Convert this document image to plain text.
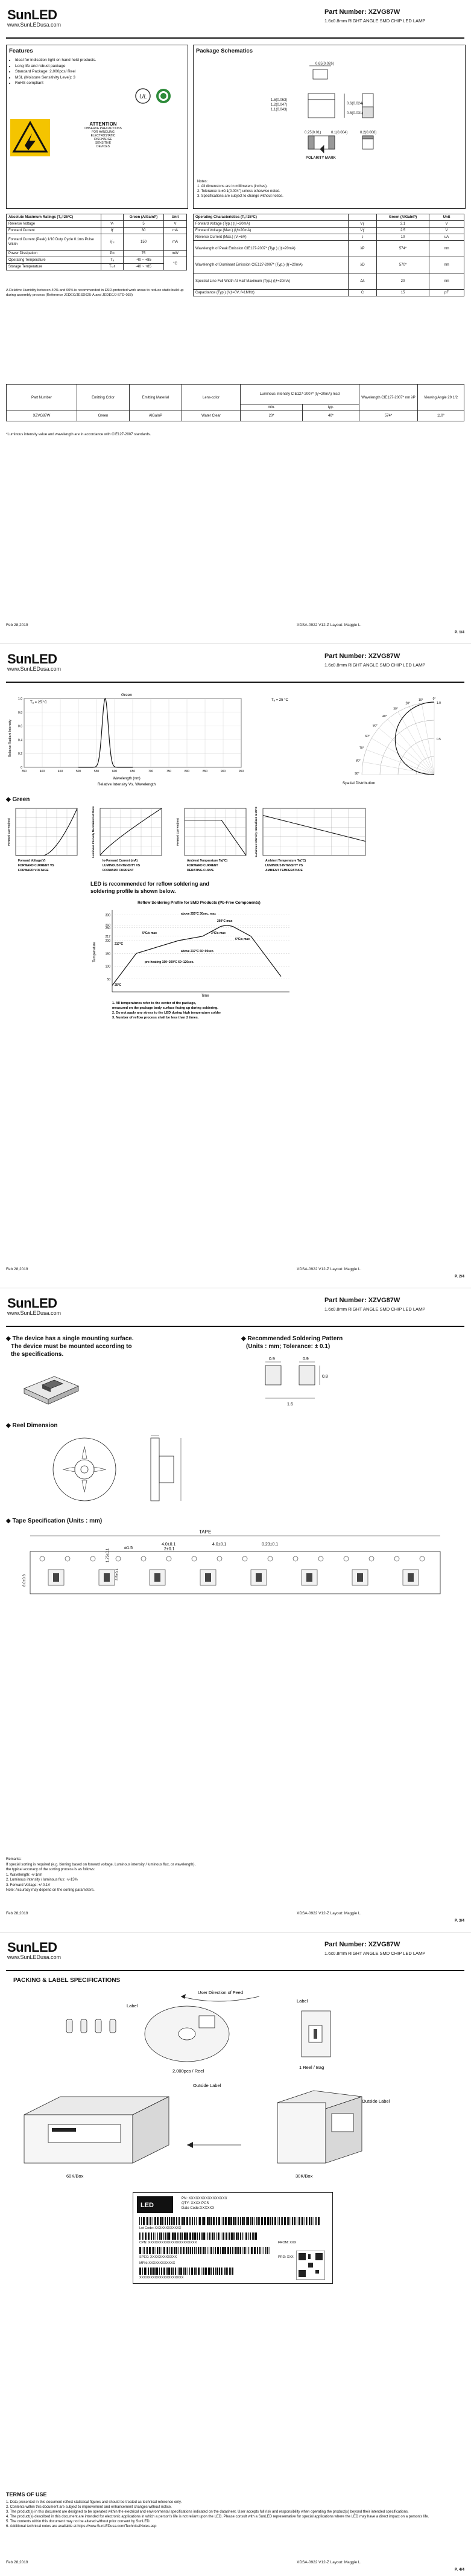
SunLED
www.SunLEDusa.com
Part Number: XZVG87W
1.6x0.8mm RIGHT ANGLE SMD CHIP LED LAMP
Features
• Ideal for indication light on hand held products.
• Long life and robust package
• Standard Package: 2,000pcs/ Reel
• MSL (Moisture Sensitivity Level): 3
• RoHS compliant
UL
ATTENTION
OBSERVE PRECAUTIONS
FOR HANDLING
ELECTROSTATIC
DISCHARGE
SENSITIVE
DEVICES
Package Schematics
0.65(0.026)
1.6(0.063)
1.2(0.047)
1.1(0.043)
0.6(0.024)
0.8(0.031)
0.25(0.01)	0.1(0.004)	0.2(0.008)
POLARITY MARK
Notes:
1. All dimensions are in millimeters (inches).
2. Tolerance is ±0.1(0.004") unless otherwise noted.
3. Specifications are subject to change without notice.
Absolute Maximum Ratings (Tₐ=25°C)		Green (AlGaInP)	Unit
Reverse Voltage	Vᵣ	5	V
Forward Current	Iƒ	30	mA
Forward Current (Peak) 1/10 Duty Cycle 0.1ms Pulse Width	iƒᵤ	150	mA
Power Dissipation	Pᴅ	75	mW
Operating Temperature	Tₐ	-40 ~ +85	°C
Storage Temperature	Tₛₜᵍ	-40 ~ +85	
A Relative Humidity between 40% and 60% is recommended in ESD-protected work areas to reduce static build up during assembly process (Reference JEDEC/JESD625-A and JEDEC/J-STD-033)
Operating Characteristics (Tₐ=25°C)		Green (AlGaInP)	Unit
Forward Voltage (Typ.) (Iƒ=20mA)	Vƒ	2.1	V
Forward Voltage (Max.) (Iƒ=20mA)	Vƒ	2.5	V
Reverse Current (Max.) (Vᵣ=5V)	Iᵣ	10	uA
Wavelength of Peak Emission CIE127-2007* (Typ.) (Iƒ=20mA)	λP	574*	nm
Wavelength of Dominant Emission CIE127-2007* (Typ.) (Iƒ=20mA)	λD	570*	nm
Spectral Line Full Width At Half Maximum (Typ.) (Iƒ=20mA)	Δλ	20	nm
Capacitance (Typ.) (Vƒ=0V, f=1MHz)	C	15	pF
Part Number	Emitting Color	Emitting Material	Lens-color	Luminous Intensity CIE127-2007* (Iƒ=20mA) mcd		Wavelength CIE127-2007* nm λP	Viewing Angle 2θ 1/2
				min.	typ.		
XZVG87W	Green	AlGaInP	Water Clear	20*	40*	574*	110°
*Luminous intensity value and wavelength are in accordance with CIE127-2007 standards.
Feb 28,2019	XDSA-0922 V12-Z Layout: Maggie L.
P. 1/4
SunLED
www.SunLEDusa.com
Part Number: XZVG87W
1.6x0.8mm RIGHT ANGLE SMD CHIP LED LAMP
Green
Tₐ = 25 °C
Relative Radiant Intensity
Wavelength (nm)
Relative Intensity Vs. Wavelength
350	400	450	500	550	600	650	700	750	800	850	900	950
0
0.2
0.4
0.6
0.8
1.0	Tₐ = 25 °C
Spatial Distribution
0°
10°
20°
30°
40°
50°
60°
70°
80°
90°
1.0
0.5
◆ Green
Forward Current(mA)
Forward Voltage(V)
FORWARD CURRENT VS
FORWARD VOLTAGE
Luminous Intensity Normalized at 20mA
Io-Forward Current (mA)
LUMINOUS INTENSITY VS
FORWARD CURRENT
Forward Current(mA)
Ambient Temperature Ta(°C)
FORWARD CURRENT
DERATING CURVE
Luminous Intensity Normalized at 25°C
Ambient Temperature Ta(°C)
LUMINOUS INTENSITY VS
AMBIENT TEMPERATURE
LED is recommended for reflow soldering and
soldering profile is shown below.
Reflow Soldering Profile for SMD Products (Pb-Free Components)
Temperature
Time
300
260
250
217
200
150
100
50
above 255°C 30sec. max
260°C max
5°C/s max	3°C/s max
6°C/s max
217°C
above 217°C 60~90sec.
pre-heating 150~200°C 60~120sec.
25°C
1. All temperatures refer to the center of the package,
measured on the package body surface facing up during soldering.
2. Do not apply any stress to the LED during high temperature solder
3. Number of reflow process shall be less than 2 times.
Feb 28,2019	XDSA-0922 V12-Z Layout: Maggie L.
P. 2/4
SunLED
www.SunLEDusa.com
Part Number: XZVG87W
1.6x0.8mm RIGHT ANGLE SMD CHIP LED LAMP
◆ The device has a single mounting surface.
The device must be mounted according to
the specifications.
◆ Recommended Soldering Pattern
(Units : mm; Tolerance: ± 0.1)
0.9	0.9
0.8
1.6
◆ Reel Dimension
◆ Tape Specification (Units : mm)
TAPE
4.0±0.1	4.0±0.1
2±0.1
ø1.5
0.23±0.1
1.75±0.1
3.5±0.1
8.0±0.3
Remarks:
If special sorting is required (e.g. binning based on forward voltage, Luminous intensity / luminous flux, or wavelength),
the typical accuracy of the sorting process is as follows:
1. Wavelength: +/-1nm
2. Luminous intensity / luminous flux: +/-15%
3. Forward Voltage: +/-0.1V
Note: Accuracy may depend on the sorting parameters.
Feb 28,2019	XDSA-0922 V12-Z Layout: Maggie L.
P. 3/4
SunLED
www.SunLEDusa.com
Part Number: XZVG87W
1.6x0.8mm RIGHT ANGLE SMD CHIP LED LAMP
PACKING & LABEL SPECIFICATIONS
User Direction of Feed
Label
2,000pcs / Reel
Label
1 Reel / Bag
Outside Label
60K/Box
Outside Label
30K/Box
LED
PN: XXXXXXXXXXXXXXXX
QTY: XXXX PCS
Date Code:XXXXXX
Lot Code: XXXXXXXXXXXX
CPN: XXXXXXXXXXXXXXXXXXXXXX	FROM: XXX
SPEC: XXXXXXXXXXXX	PRD: XXX
MPN: XXXXXXXXXXXX
XXXXXXXXXXXXXXXXXXXX
TERMS OF USE
1. Data presented in this document reflect statistical figures and should be treated as technical reference only.
2. Contents within this document are subject to improvement and enhancement changes without notice.
3. The product(s) in this document are designed to be operated within the electrical and environmental specifications indicated on the datasheet. User accepts full risk and responsibility when operating the product(s) beyond their intended specifications.
4. The product(s) described in this document are intended for electronic applications in which a person's life is not reliant upon the LED. Please consult with a SunLED representative for special applications where the LED may have a direct impact on a person's life.
5. The contents within this document may not be altered without prior consent by SunLED.
6. Additional technical notes are available at https://www.SunLEDusa.com/TechnicalNotes.asp
Feb 28,2019	XDSA-0922 V12-Z Layout: Maggie L.
P. 4/4
